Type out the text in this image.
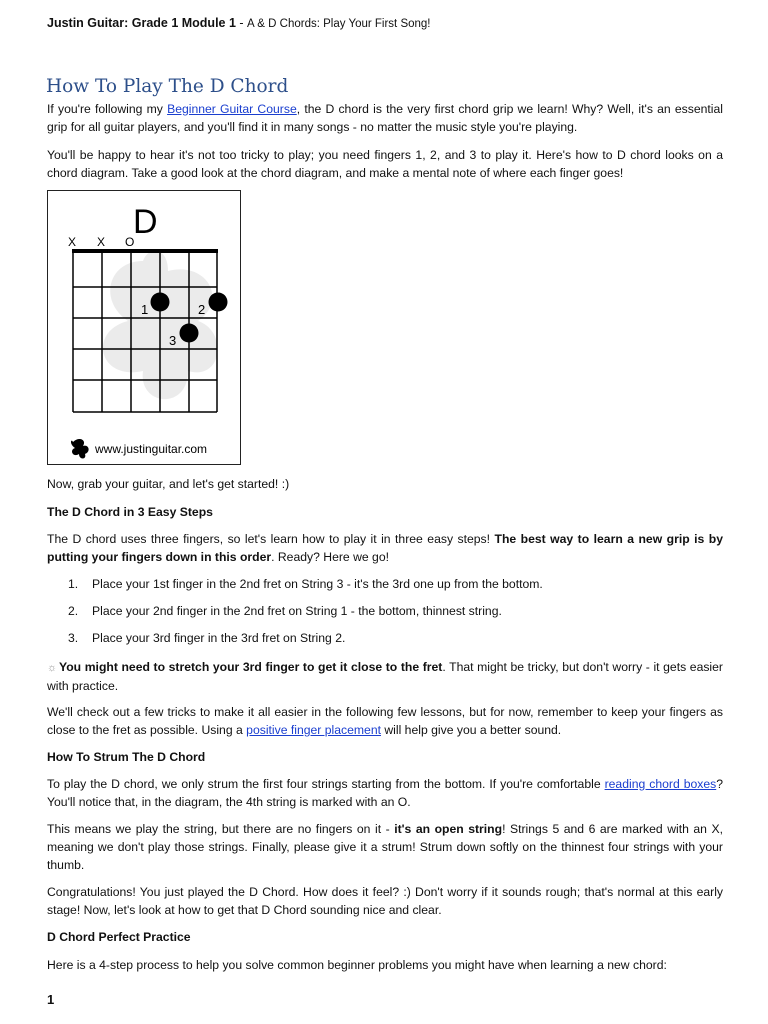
Justin Guitar: Grade 1 Module 1 - A & D Chords: Play Your First Song!
How To Play The D Chord

If you're following my Beginner Guitar Course, the D chord is the very first chord grip we learn! Why? Well, it's an essential grip for all guitar players, and you'll find it in many songs - no matter the music style you're playing.

You'll be happy to hear it's not too tricky to play; you need fingers 1, 2, and 3 to play it. Here's how to D chord looks on a chord diagram. Take a good look at the chord diagram, and make a mental note of where each finger goes!

D
X X O
1	2
3
www.justinguitar.com

Now, grab your guitar, and let's get started! :)

The D Chord in 3 Easy Steps

The D chord uses three fingers, so let's learn how to play it in three easy steps! The best way to learn a new grip is by putting your fingers down in this order. Ready? Here we go!

1. Place your 1st finger in the 2nd fret on String 3 - it's the 3rd one up from the bottom.
2. Place your 2nd finger in the 2nd fret on String 1 - the bottom, thinnest string.
3. Place your 3rd finger in the 3rd fret on String 2.

☼ You might need to stretch your 3rd finger to get it close to the fret. That might be tricky, but don't worry - it gets easier with practice.

We'll check out a few tricks to make it all easier in the following few lessons, but for now, remember to keep your fingers as close to the fret as possible. Using a positive finger placement will help give you a better sound.

How To Strum The D Chord

To play the D chord, we only strum the first four strings starting from the bottom. If you're comfortable reading chord boxes? You'll notice that, in the diagram, the 4th string is marked with an O.

This means we play the string, but there are no fingers on it - it's an open string! Strings 5 and 6 are marked with an X, meaning we don't play those strings. Finally, please give it a strum! Strum down softly on the thinnest four strings with your thumb.

Congratulations! You just played the D Chord. How does it feel? :) Don't worry if it sounds rough; that's normal at this early stage! Now, let's look at how to get that D Chord sounding nice and clear.

D Chord Perfect Practice

Here is a 4-step process to help you solve common beginner problems you might have when learning a new chord:

1
